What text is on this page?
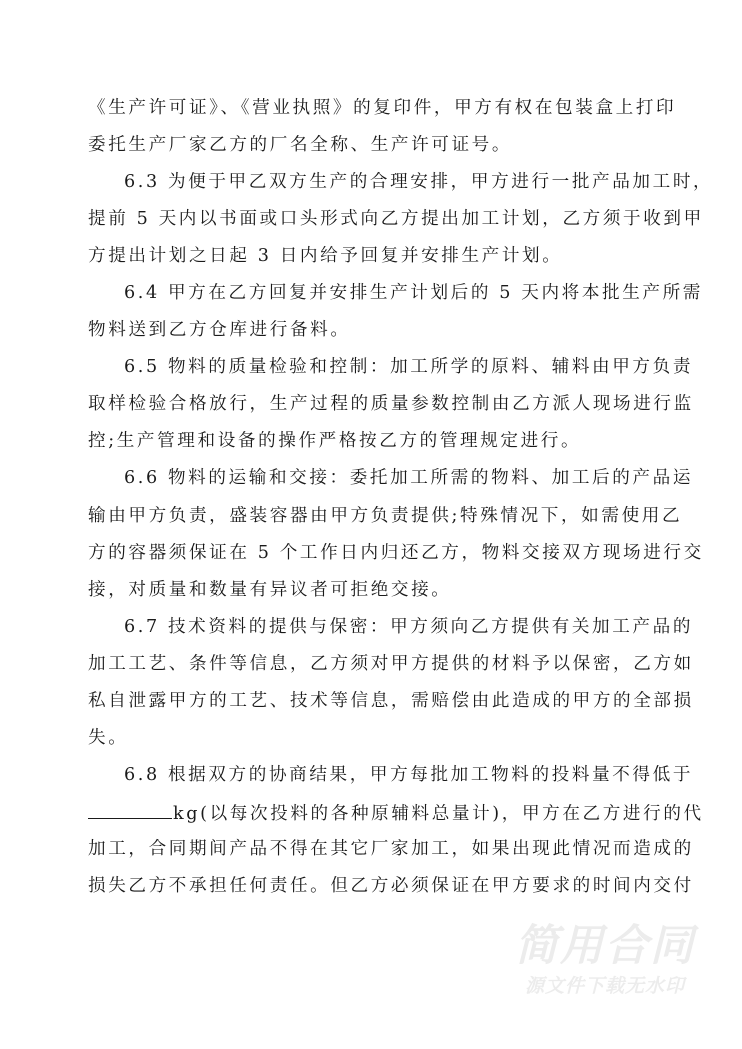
《生产许可证》、《营业执照》的复印件，甲方有权在包装盒上打印
委托生产厂家乙方的厂名全称、生产许可证号。
6.3 为便于甲乙双方生产的合理安排，甲方进行一批产品加工时，
提前 5 天内以书面或口头形式向乙方提出加工计划，乙方须于收到甲
方提出计划之日起 3 日内给予回复并安排生产计划。
6.4 甲方在乙方回复并安排生产计划后的 5 天内将本批生产所需
物料送到乙方仓库进行备料。
6.5 物料的质量检验和控制：加工所学的原料、辅料由甲方负责
取样检验合格放行，生产过程的质量参数控制由乙方派人现场进行监
控;生产管理和设备的操作严格按乙方的管理规定进行。
6.6 物料的运输和交接：委托加工所需的物料、加工后的产品运
输由甲方负责，盛装容器由甲方负责提供;特殊情况下，如需使用乙
方的容器须保证在 5 个工作日内归还乙方，物料交接双方现场进行交
接，对质量和数量有异议者可拒绝交接。
6.7 技术资料的提供与保密：甲方须向乙方提供有关加工产品的
加工工艺、条件等信息，乙方须对甲方提供的材料予以保密，乙方如
私自泄露甲方的工艺、技术等信息，需赔偿由此造成的甲方的全部损
失。
6.8 根据双方的协商结果，甲方每批加工物料的投料量不得低于
kg(以每次投料的各种原辅料总量计)，甲方在乙方进行的代
加工，合同期间产品不得在其它厂家加工，如果出现此情况而造成的
损失乙方不承担任何责任。但乙方必须保证在甲方要求的时间内交付
简用合同
源文件下载无水印
